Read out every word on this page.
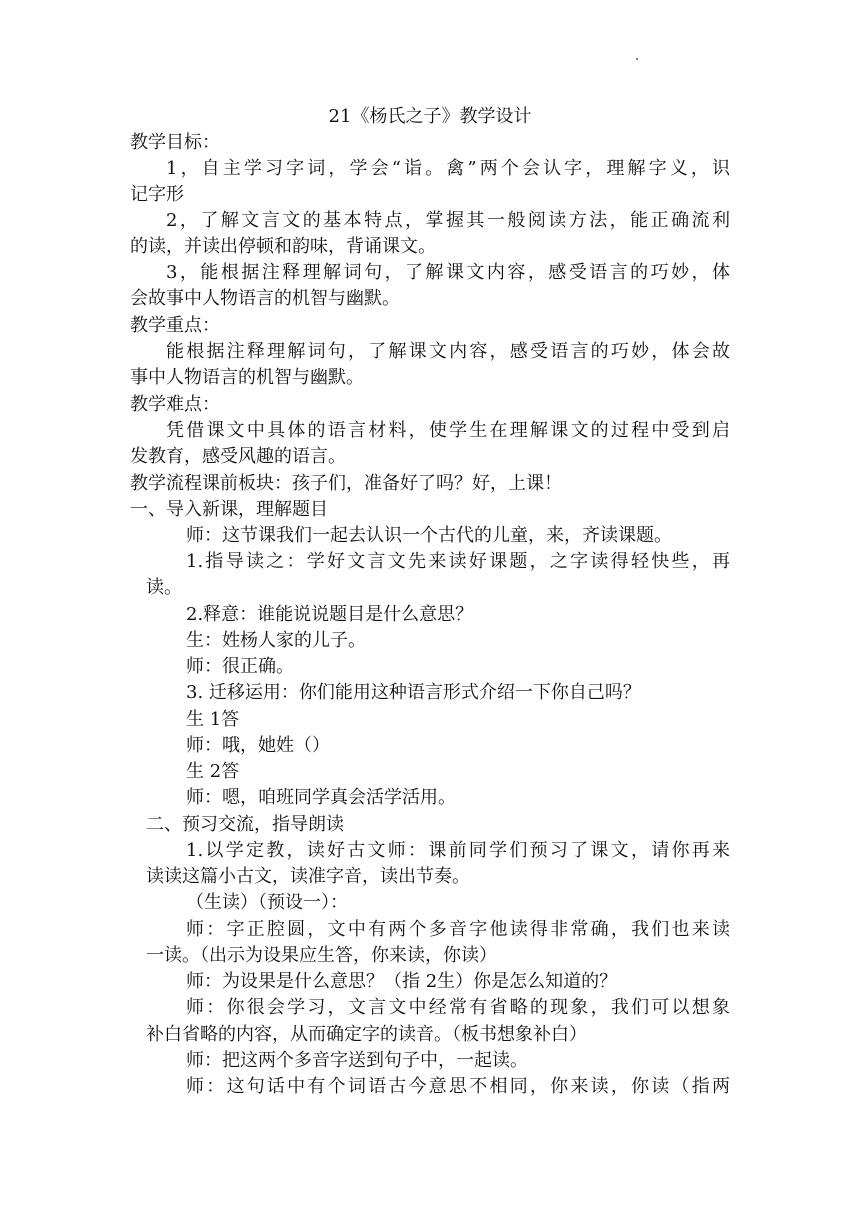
21《杨氏之子》教学设计
教学目标：
1，自主学习字词，学会“诣。禽”两个会认字，理解字义，识
记字形
2，了解文言文的基本特点，掌握其一般阅读方法，能正确流利
的读，并读出停顿和韵味，背诵课文。
3，能根据注释理解词句，了解课文内容，感受语言的巧妙，体
会故事中人物语言的机智与幽默。
教学重点：
能根据注释理解词句，了解课文内容，感受语言的巧妙，体会故
事中人物语言的机智与幽默。
教学难点：
凭借课文中具体的语言材料，使学生在理解课文的过程中受到启
发教育，感受风趣的语言。
教学流程课前板块：孩子们，准备好了吗？好，上课！
一、导入新课，理解题目
师：这节课我们一起去认识一个古代的儿童，来，齐读课题。
1.指导读之：学好文言文先来读好课题，之字读得轻快些，再
读。
2.释意：谁能说说题目是什么意思？
生：姓杨人家的儿子。
师：很正确。
3. 迁移运用：你们能用这种语言形式介绍一下你自己吗？
生 1答
师：哦，她姓（）
生 2答
师：嗯，咱班同学真会活学活用。
二、预习交流，指导朗读
1.以学定教，读好古文师：课前同学们预习了课文，请你再来
读读这篇小古文，读准字音，读出节奏。
（生读）（预设一）：
师：字正腔圆，文中有两个多音字他读得非常确，我们也来读
一读。（出示为设果应生答，你来读，你读）
师：为设果是什么意思？（指 2生）你是怎么知道的？
师：你很会学习，文言文中经常有省略的现象，我们可以想象
补白省略的内容，从而确定字的读音。（板书想象补白）
师：把这两个多音字送到句子中，一起读。
师：这句话中有个词语古今意思不相同，你来读，你读（指两
